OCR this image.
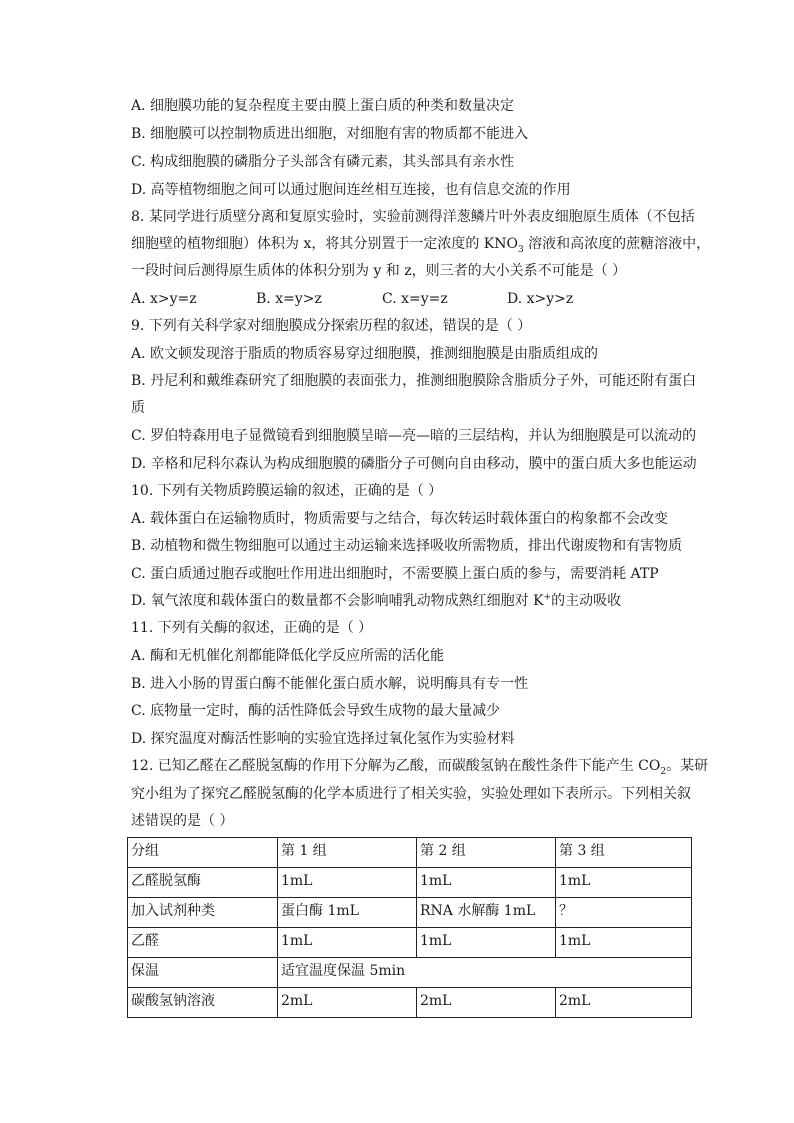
A. 细胞膜功能的复杂程度主要由膜上蛋白质的种类和数量决定
B. 细胞膜可以控制物质进出细胞，对细胞有害的物质都不能进入
C. 构成细胞膜的磷脂分子头部含有磷元素，其头部具有亲水性
D. 高等植物细胞之间可以通过胞间连丝相互连接，也有信息交流的作用
8. 某同学进行质壁分离和复原实验时，实验前测得洋葱鳞片叶外表皮细胞原生质体（不包括
细胞壁的植物细胞）体积为 x，将其分别置于一定浓度的 $KNO_3$ 溶液和高浓度的蔗糖溶液中，
一段时间后测得原生质体的体积分别为 y 和 z，则三者的大小关系不可能是（ ）
A. x>y=z	B. x=y>z	C. x=y=z	D. x>y>z
9. 下列有关科学家对细胞膜成分探索历程的叙述，错误的是（ ）
A. 欧文顿发现溶于脂质的物质容易穿过细胞膜，推测细胞膜是由脂质组成的
B. 丹尼利和戴维森研究了细胞膜的表面张力，推测细胞膜除含脂质分子外，可能还附有蛋白
质
C. 罗伯特森用电子显微镜看到细胞膜呈暗—亮—暗的三层结构，并认为细胞膜是可以流动的
D. 辛格和尼科尔森认为构成细胞膜的磷脂分子可侧向自由移动，膜中的蛋白质大多也能运动
10. 下列有关物质跨膜运输的叙述，正确的是（ ）
A. 载体蛋白在运输物质时，物质需要与之结合，每次转运时载体蛋白的构象都不会改变
B. 动植物和微生物细胞可以通过主动运输来选择吸收所需物质，排出代谢废物和有害物质
C. 蛋白质通过胞吞或胞吐作用进出细胞时，不需要膜上蛋白质的参与，需要消耗 ATP
D. 氧气浓度和载体蛋白的数量都不会影响哺乳动物成熟红细胞对 K+的主动吸收
11. 下列有关酶的叙述，正确的是（ ）
A. 酶和无机催化剂都能降低化学反应所需的活化能
B. 进入小肠的胃蛋白酶不能催化蛋白质水解，说明酶具有专一性
C. 底物量一定时，酶的活性降低会导致生成物的最大量减少
D. 探究温度对酶活性影响的实验宜选择过氧化氢作为实验材料
12. 已知乙醛在乙醛脱氢酶的作用下分解为乙酸，而碳酸氢钠在酸性条件下能产生 $CO_2$。某研
究小组为了探究乙醛脱氢酶的化学本质进行了相关实验，实验处理如下表所示。下列相关叙
述错误的是（ ）
分组	第 1 组	第 2 组	第 3 组
乙醛脱氢酶	1mL	1mL	1mL
加入试剂种类	蛋白酶 1mL	RNA 水解酶 1mL	？
乙醛	1mL	1mL	1mL
保温	适宜温度保温 5min		
碳酸氢钠溶液	2mL	2mL	2mL
